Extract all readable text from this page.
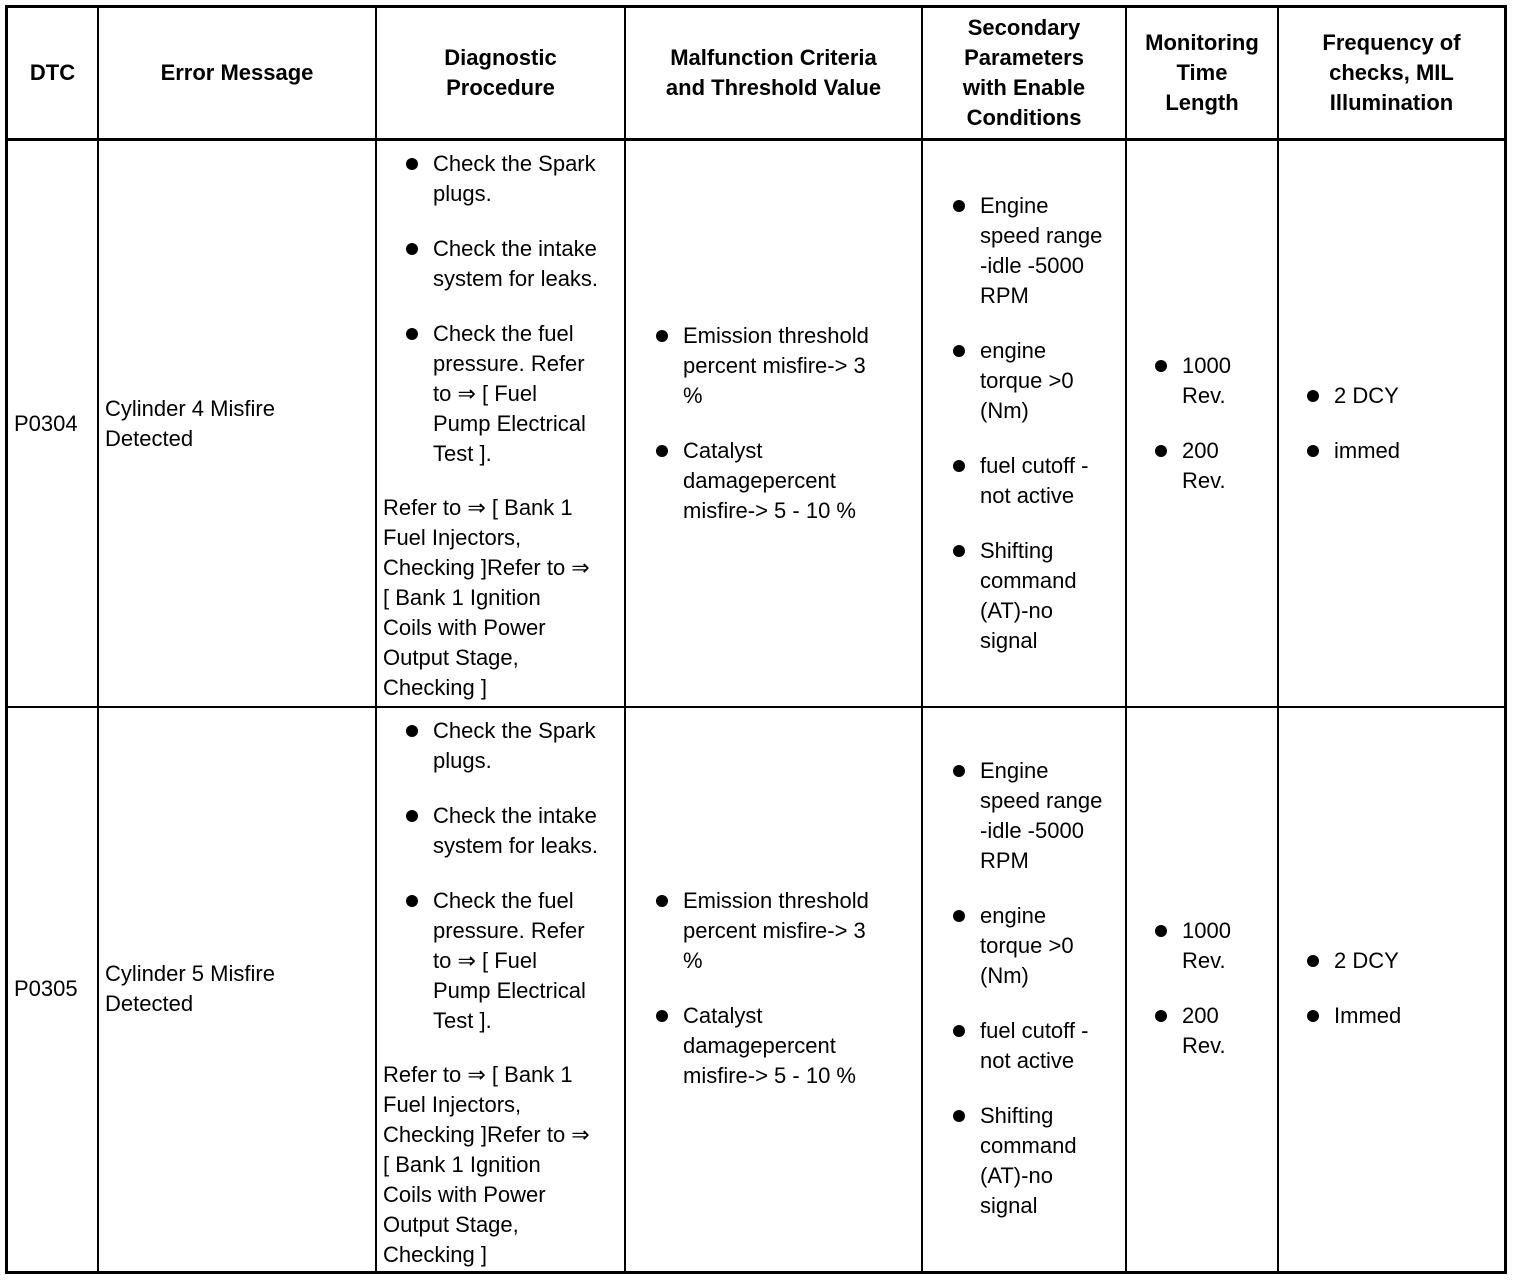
DTC	Error Message
Diagnostic
Procedure
Malfunction Criteria
and Threshold Value
Secondary
Parameters
with Enable
Conditions
Monitoring
Time
Length
Frequency of
checks, MIL
Illumination
P0304
Cylinder 4 Misfire
Detected
Check the Spark
plugs.
Check the intake
system for leaks.
Check the fuel
pressure. Refer
to ⇒ [ Fuel
Pump Electrical
Test ].
Refer to ⇒ [ Bank 1
Fuel Injectors,
Checking ]Refer to ⇒
[ Bank 1 Ignition
Coils with Power
Output Stage,
Checking ]
Emission threshold
percent misfire-> 3
%
Catalyst
damagepercent
misfire-> 5 - 10 %
Engine
speed range
-idle -5000
RPM
engine
torque >0
(Nm)
fuel cutoff -
not active
Shifting
command
(AT)-no
signal
1000
Rev.
200
Rev.
2 DCY
immed
P0305
Cylinder 5 Misfire
Detected
Check the Spark
plugs.
Check the intake
system for leaks.
Check the fuel
pressure. Refer
to ⇒ [ Fuel
Pump Electrical
Test ].
Refer to ⇒ [ Bank 1
Fuel Injectors,
Checking ]Refer to ⇒
[ Bank 1 Ignition
Coils with Power
Output Stage,
Checking ]
Emission threshold
percent misfire-> 3
%
Catalyst
damagepercent
misfire-> 5 - 10 %
Engine
speed range
-idle -5000
RPM
engine
torque >0
(Nm)
fuel cutoff -
not active
Shifting
command
(AT)-no
signal
1000
Rev.
200
Rev.
2 DCY
Immed
